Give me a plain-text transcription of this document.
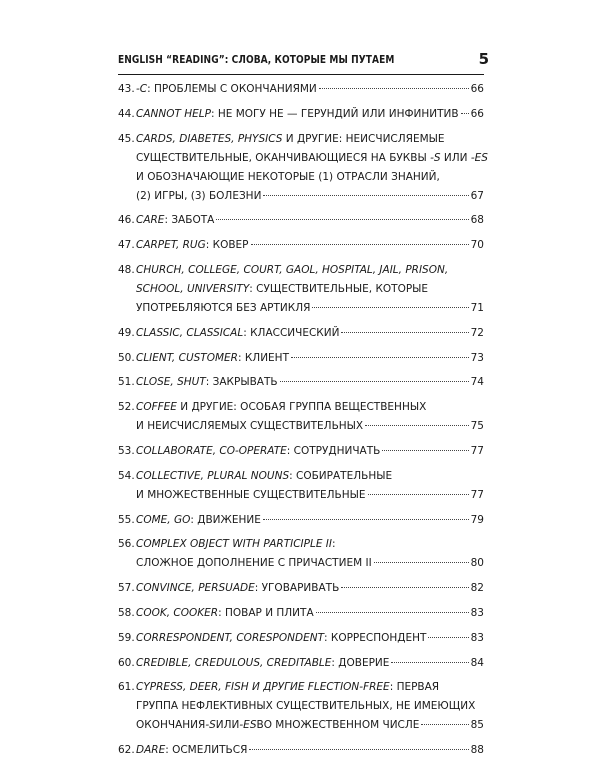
ENGLISH “READING”: СЛОВА, КОТОРЫЕ МЫ ПУТАЕМ	5
43. -С : ПРОБЛЕМЫ С ОКОНЧАНИЯМИ	66
44. CANNOT HELP : НЕ МОГУ НЕ — ГЕРУНДИЙ ИЛИ ИНФИНИТИВ 66
45. CARDS, DIABETES, PHYSICS И ДРУГИЕ: НЕИСЧИСЛЯЕМЫЕ
СУЩЕСТВИТЕЛЬНЫЕ, ОКАНЧИВАЮЩИЕСЯ НА БУКВЫ -S ИЛИ -ES
И ОБОЗНАЧАЮЩИЕ НЕКОТОРЫЕ (1) ОТРАСЛИ ЗНАНИЙ,
(2) ИГРЫ, (3) БОЛЕЗНИ	67
46. CARE : ЗАБОТА	68
47. CARPET, RUG : КОВЕР	70
48. CHURCH, COLLEGE, COURT, GAOL, HOSPITAL, JAIL, PRISON,
SCHOOL, UNIVERSITY: СУЩЕСТВИТЕЛЬНЫЕ, КОТОРЫЕ
УПОТРЕБЛЯЮТСЯ БЕЗ АРТИКЛЯ	71
49. CLASSIC, CLASSICAL : КЛАССИЧЕСКИЙ	72
50. CLIENT, CUSTOMER : КЛИЕНТ	73
51. CLOSE, SHUT : ЗАКРЫВАТЬ	74
52. COFFEE И ДРУГИЕ: ОСОБАЯ ГРУППА ВЕЩЕСТВЕННЫХ
И НЕИСЧИСЛЯЕМЫХ СУЩЕСТВИТЕЛЬНЫХ	75
53. COLLABORATE, CO-OPERATE : СОТРУДНИЧАТЬ	77
54. COLLECTIVE, PLURAL NOUNS: СОБИРАТЕЛЬНЫЕ
И МНОЖЕСТВЕННЫЕ СУЩЕСТВИТЕЛЬНЫЕ	77
55. COME, GO : ДВИЖЕНИЕ	79
56. COMPLEX OBJECT WITH PARTICIPLE II:
СЛОЖНОЕ ДОПОЛНЕНИЕ С ПРИЧАСТИЕМ II	80
57. CONVINCE, PERSUADE : УГОВАРИВАТЬ	82
58. COOK, COOKER : ПОВАР И ПЛИТА	83
59. CORRESPONDENT, CORESPONDENT : КОРРЕСПОНДЕНТ	83
60. CREDIBLE, CREDULOUS, CREDITABLE : ДОВЕРИЕ	84
61. CYPRESS, DEER, FISH И ДРУГИЕ FLECTION-FREE: ПЕРВАЯ
ГРУППА НЕФЛЕКТИВНЫХ СУЩЕСТВИТЕЛЬНЫХ, НЕ ИМЕЮЩИХ
ОКОНЧАНИЯ -S ИЛИ -ES ВО МНОЖЕСТВЕННОМ ЧИСЛЕ	85
62. DARE : ОСМЕЛИТЬСЯ	88
